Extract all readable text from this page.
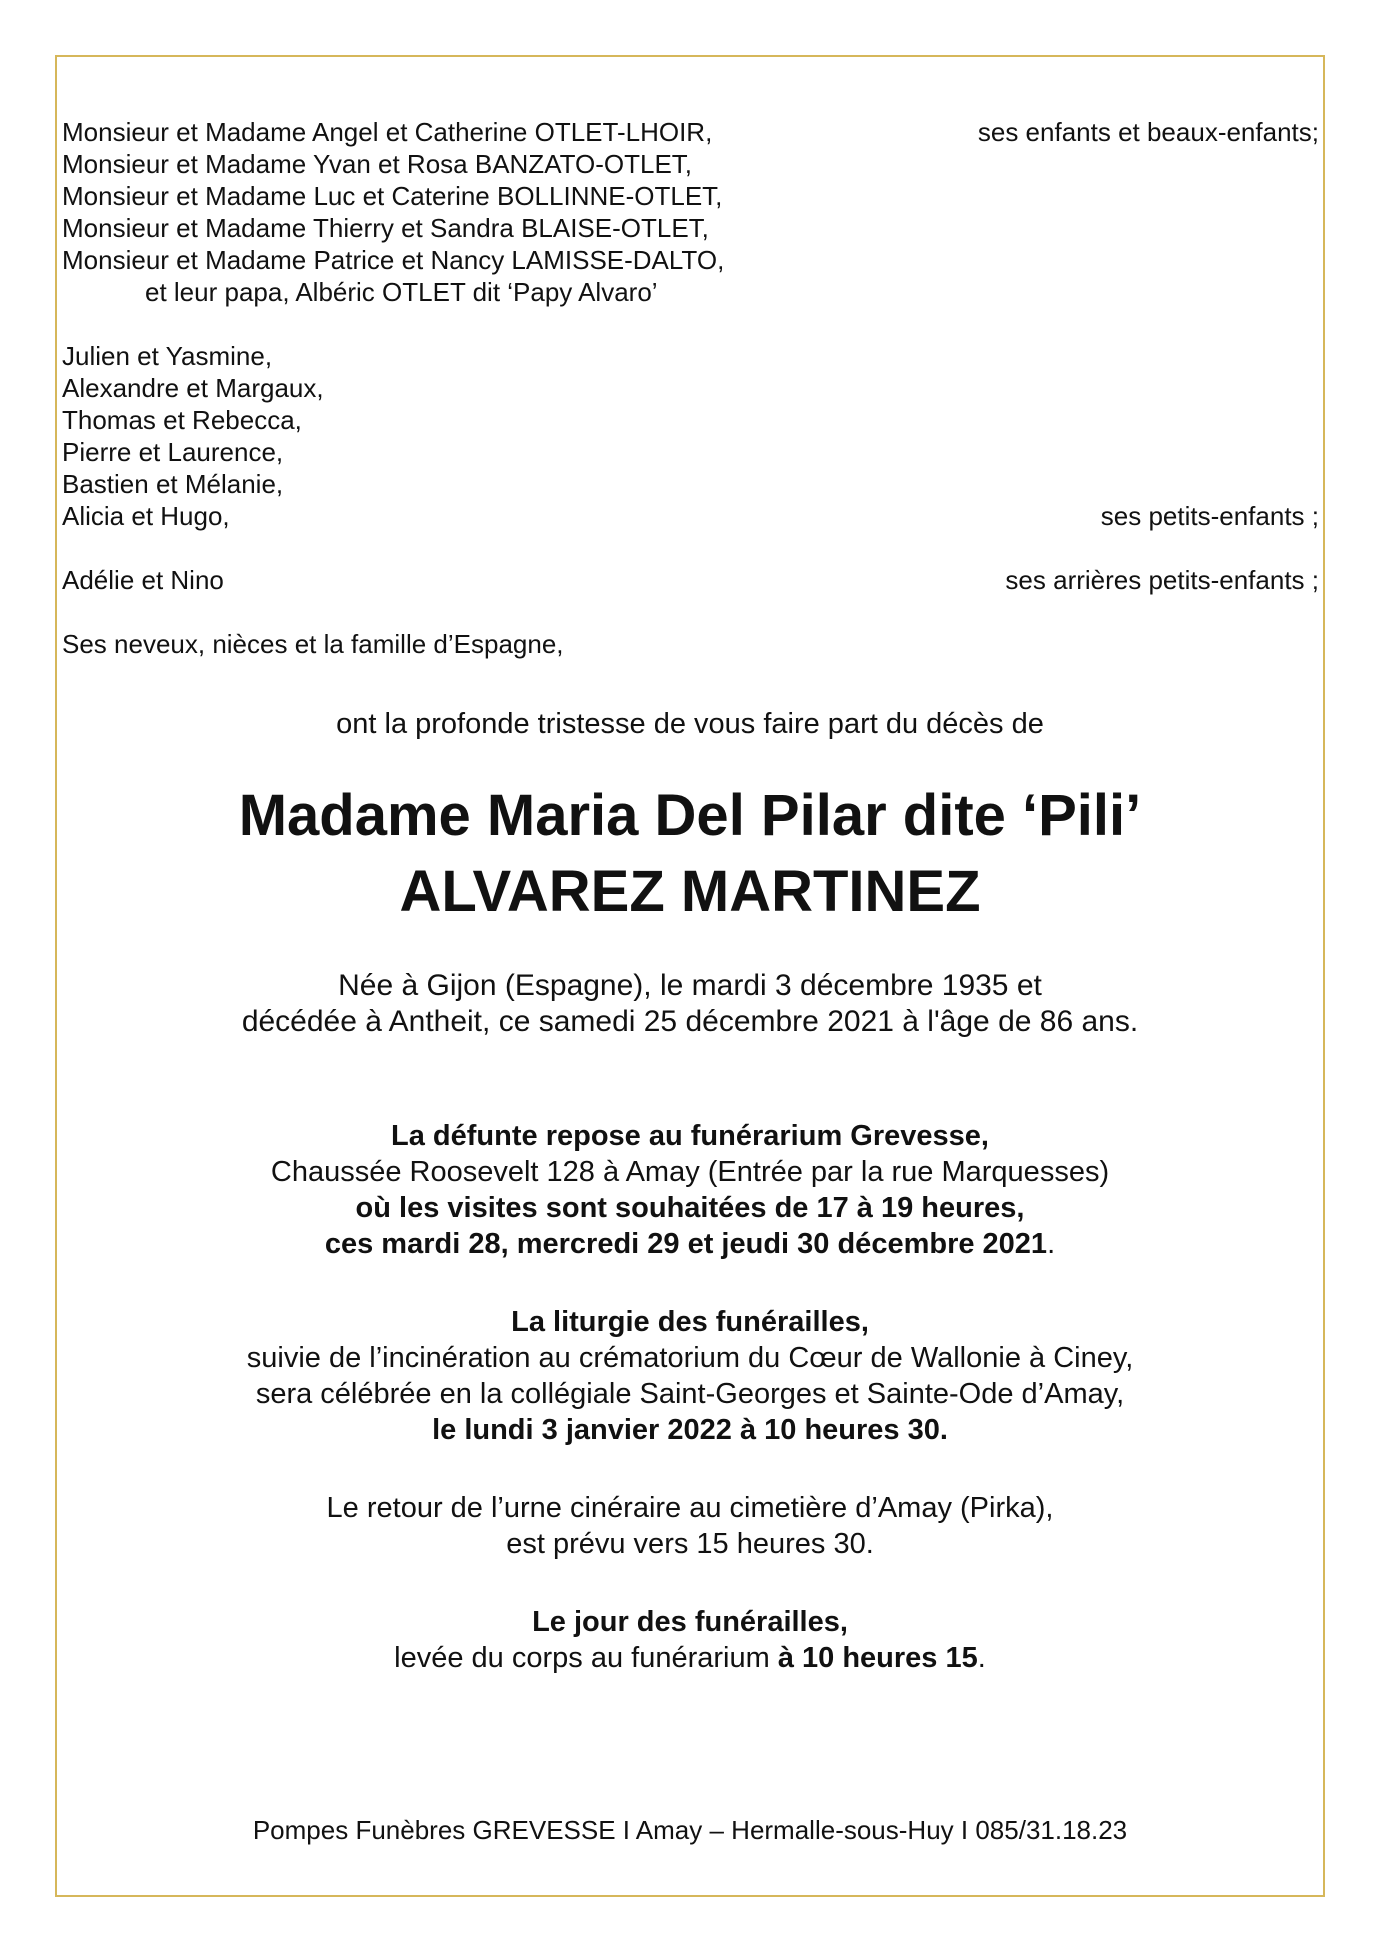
Monsieur et Madame Angel et Catherine OTLET-LHOIR,	ses enfants et beaux-enfants;
Monsieur et Madame Yvan et Rosa BANZATO-OTLET,
Monsieur et Madame Luc et Caterine BOLLINNE-OTLET,
Monsieur et Madame Thierry et Sandra BLAISE-OTLET,
Monsieur et Madame Patrice et Nancy LAMISSE-DALTO,
et leur papa, Albéric OTLET dit ‘Papy Alvaro’
Julien et Yasmine,
Alexandre et Margaux,
Thomas et Rebecca,
Pierre et Laurence,
Bastien et Mélanie,
Alicia et Hugo,	ses petits-enfants ;
Adélie et Nino	ses arrières petits-enfants ;
Ses neveux, nièces et la famille d’Espagne,
ont la profonde tristesse de vous faire part du décès de
Madame Maria Del Pilar dite ‘Pili’
ALVAREZ MARTINEZ
Née à Gijon (Espagne), le mardi 3 décembre 1935 et
décédée à Antheit, ce samedi 25 décembre 2021 à l'âge de 86 ans.
La défunte repose au funérarium Grevesse,
Chaussée Roosevelt 128 à Amay (Entrée par la rue Marquesses)
où les visites sont souhaitées de 17 à 19 heures,
ces mardi 28, mercredi 29 et jeudi 30 décembre 2021.
La liturgie des funérailles,
suivie de l’incinération au crématorium du Cœur de Wallonie à Ciney,
sera célébrée en la collégiale Saint-Georges et Sainte-Ode d’Amay,
le lundi 3 janvier 2022 à 10 heures 30.
Le retour de l’urne cinéraire au cimetière d’Amay (Pirka),
est prévu vers 15 heures 30.
Le jour des funérailles,
levée du corps au funérarium à 10 heures 15.
Pompes Funèbres GREVESSE I Amay – Hermalle-sous-Huy I 085/31.18.23
